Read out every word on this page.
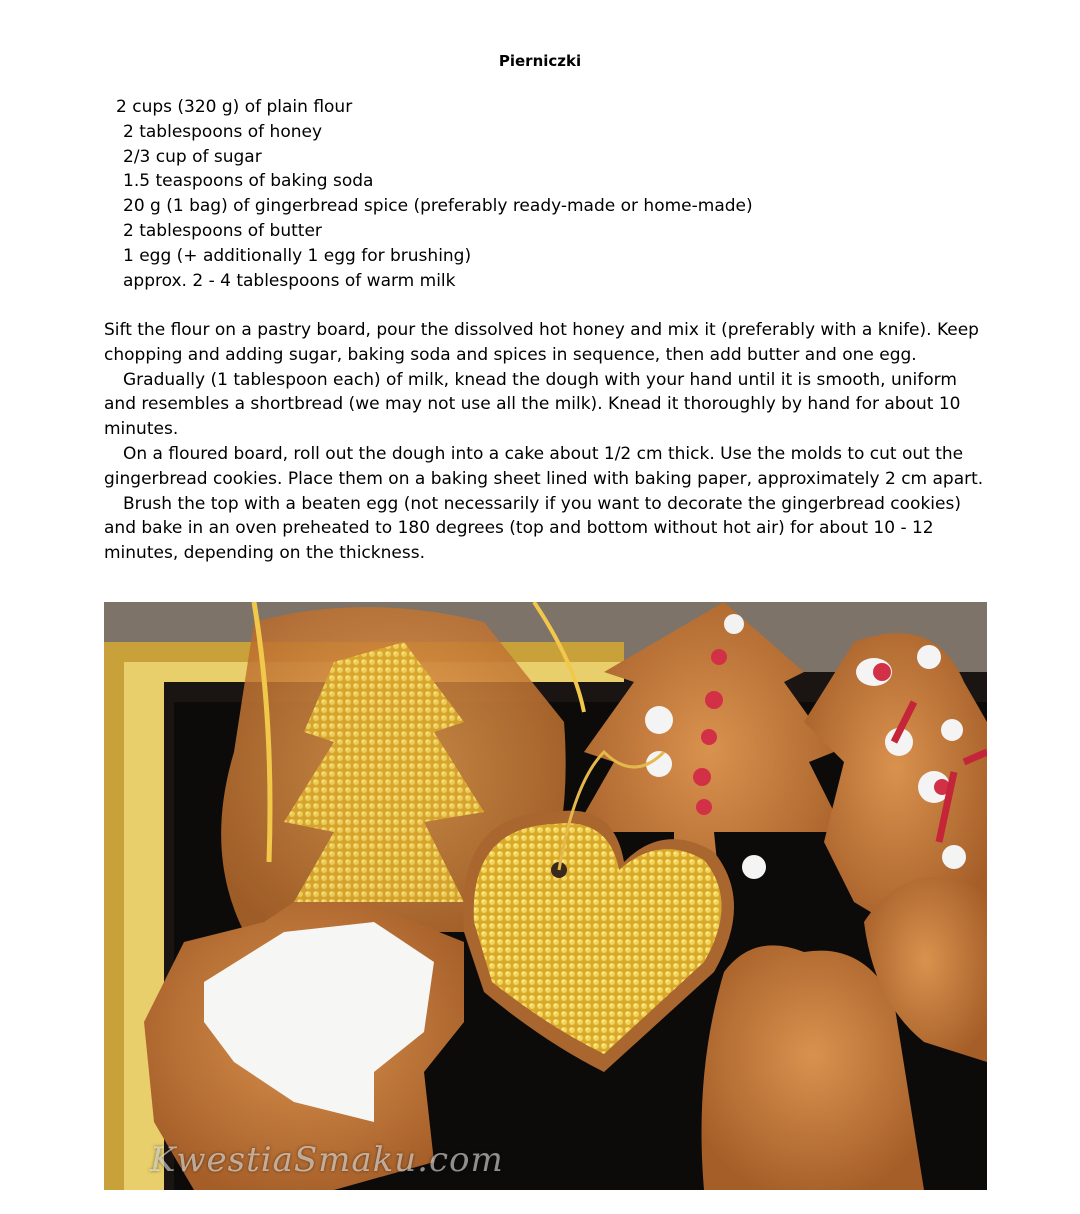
Pierniczki
2 cups (320 g) of plain flour
2 tablespoons of honey
2/3 cup of sugar
1.5 teaspoons of baking soda
20 g (1 bag) of gingerbread spice (preferably ready-made or home-made)
2 tablespoons of butter
1 egg (+ additionally 1 egg for brushing)
approx. 2 - 4 tablespoons of warm milk

Sift the flour on a pastry board, pour the dissolved hot honey and mix it (preferably with a knife). Keep chopping and adding sugar, baking soda and spices in sequence, then add butter and one egg.

Gradually (1 tablespoon each) of milk, knead the dough with your hand until it is smooth, uniform and resembles a shortbread (we may not use all the milk). Knead it thoroughly by hand for about 10 minutes.

On a floured board, roll out the dough into a cake about 1/2 cm thick. Use the molds to cut out the gingerbread cookies. Place them on a baking sheet lined with baking paper, approximately 2 cm apart.

Brush the top with a beaten egg (not necessarily if you want to decorate the gingerbread cookies) and bake in an oven preheated to 180 degrees (top and bottom without hot air) for about 10 - 12 minutes, depending on the thickness.

KwestiaSmaku.com
